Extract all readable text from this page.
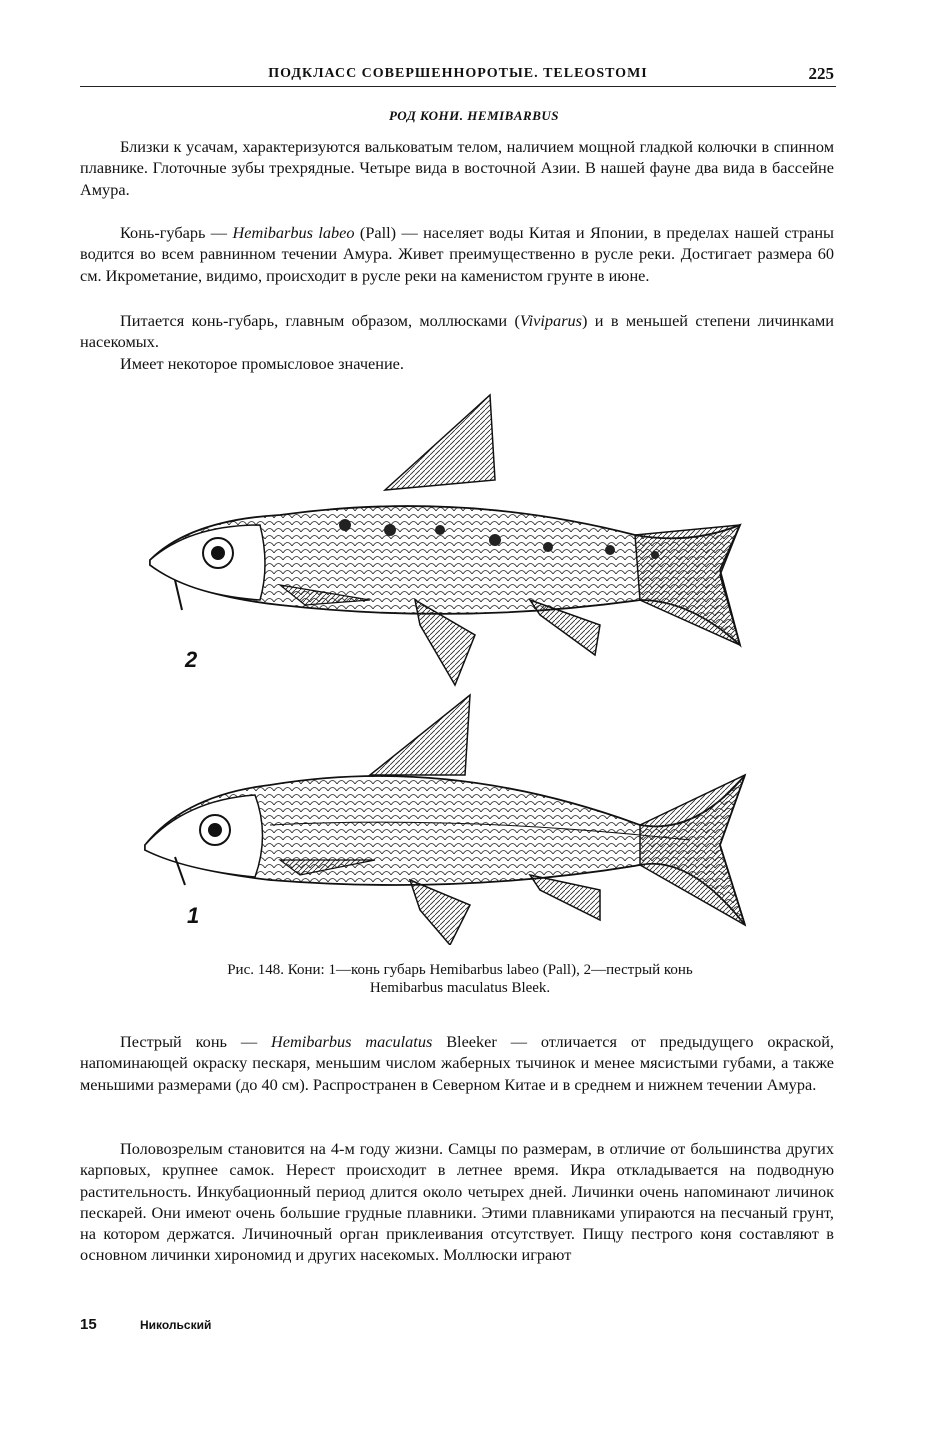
ПОДКЛАСС СОВЕРШЕННОРОТЫЕ. TELEOSTOMI	225
РОД КОНИ. HEMIBARBUS

Близки к усачам, характеризуются вальковатым телом, наличием мощной гладкой колючки в спинном плавнике. Глоточные зубы трехрядные. Четыре вида в восточной Азии. В нашей фауне два вида в бассейне Амура.

Конь-губарь — Hemibarbus labeo (Pall) — населяет воды Китая и Японии, в пределах нашей страны водится во всем равнинном течении Амура. Живет преимущественно в русле реки. Достигает размера 60 см. Икрометание, видимо, происходит в русле реки на каменистом грунте в июне.

Питается конь-губарь, главным образом, моллюсками (Viviparus) и в меньшей степени личинками насекомых.

Имеет некоторое промысловое значение.

2
1
Рис. 148. Кони: 1—конь губарь Hemibarbus labeo (Pall), 2—пестрый конь
Hemibarbus maculatus Bleek.

Пестрый конь — Hemibarbus maculatus Bleeker — отличается от предыдущего окраской, напоминающей окраску пескаря, меньшим числом жаберных тычинок и менее мясистыми губами, а также меньшими размерами (до 40 см). Распространен в Северном Китае и в среднем и нижнем течении Амура.

Половозрелым становится на 4-м году жизни. Самцы по размерам, в отличие от большинства других карповых, крупнее самок. Нерест происходит в летнее время. Икра откладывается на подводную растительность. Инкубационный период длится около четырех дней. Личинки очень напоминают личинок пескарей. Они имеют очень большие грудные плавники. Этими плавниками упираются на песчаный грунт, на котором держатся. Личиночный орган приклеивания отсутствует. Пищу пестрого коня составляют в основном личинки хирономид и других насекомых. Моллюски играют

15	Никольский
